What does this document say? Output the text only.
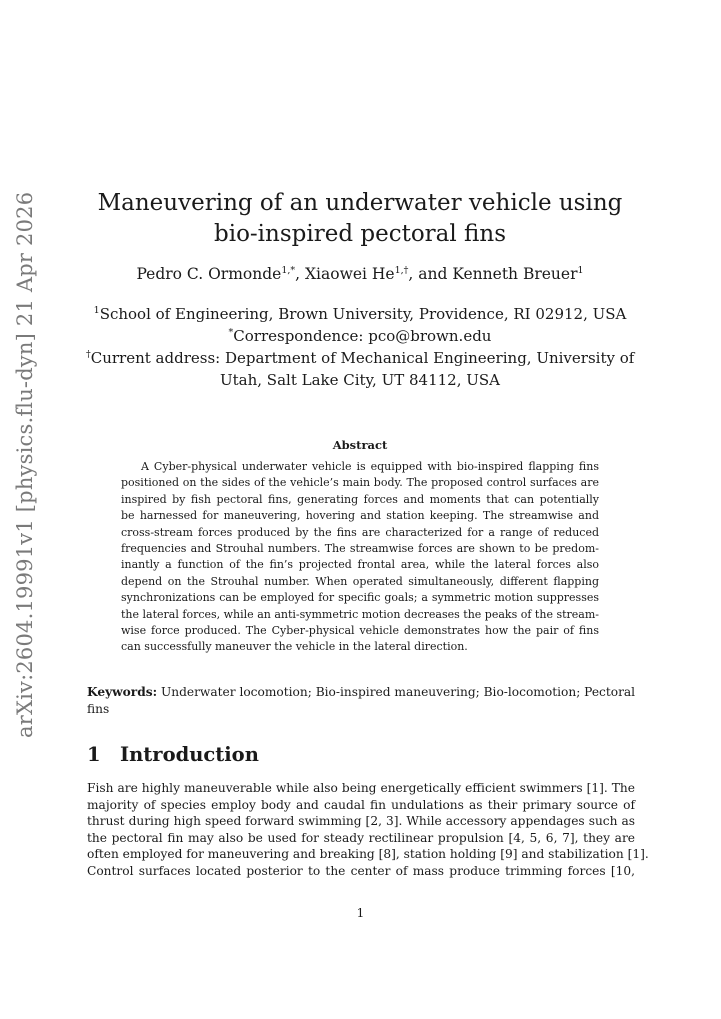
arXiv:2604.19991v1 [physics.flu-dyn] 21 Apr 2026	Maneuvering of an underwater vehicle using
bio-inspired pectoral fins
Pedro C. Ormonde$^{1,*}$, Xiaowei $He^{1,\dagger}$, and Kenneth Breuer$^1$
$^1$School of Engineering, Brown University, Providence, RI 02912, USA
*Correspondence: pco@brown.edu
†Current address: Department of Mechanical Engineering, University of
Utah, Salt Lake City, UT 84112, USA
Abstract
A Cyber-physical underwater vehicle is equipped with bio-inspired flapping fins
positioned on the sides of the vehicle’s main body. The proposed control surfaces are
inspired by fish pectoral fins, generating forces and moments that can potentially
be harnessed for maneuvering, hovering and station keeping. The streamwise and
cross-stream forces produced by the fins are characterized for a range of reduced
frequencies and Strouhal numbers. The streamwise forces are shown to be predom-
inantly a function of the fin’s projected frontal area, while the lateral forces also
depend on the Strouhal number. When operated simultaneously, different flapping
synchronizations can be employed for specific goals; a symmetric motion suppresses
the lateral forces, while an anti-symmetric motion decreases the peaks of the stream-
wise force produced. The Cyber-physical vehicle demonstrates how the pair of fins
can successfully maneuver the vehicle in the lateral direction.
Keywords: Underwater locomotion; Bio-inspired maneuvering; Bio-locomotion; Pectoral
fins
1 Introduction
Fish are highly maneuverable while also being energetically efficient swimmers [1]. The
majority of species employ body and caudal fin undulations as their primary source of
thrust during high speed forward swimming [2, 3]. While accessory appendages such as
the pectoral fin may also be used for steady rectilinear propulsion [4, 5, 6, 7], they are
often employed for maneuvering and breaking [8], station holding [9] and stabilization [1].
Control surfaces located posterior to the center of mass produce trimming forces [10,
1
